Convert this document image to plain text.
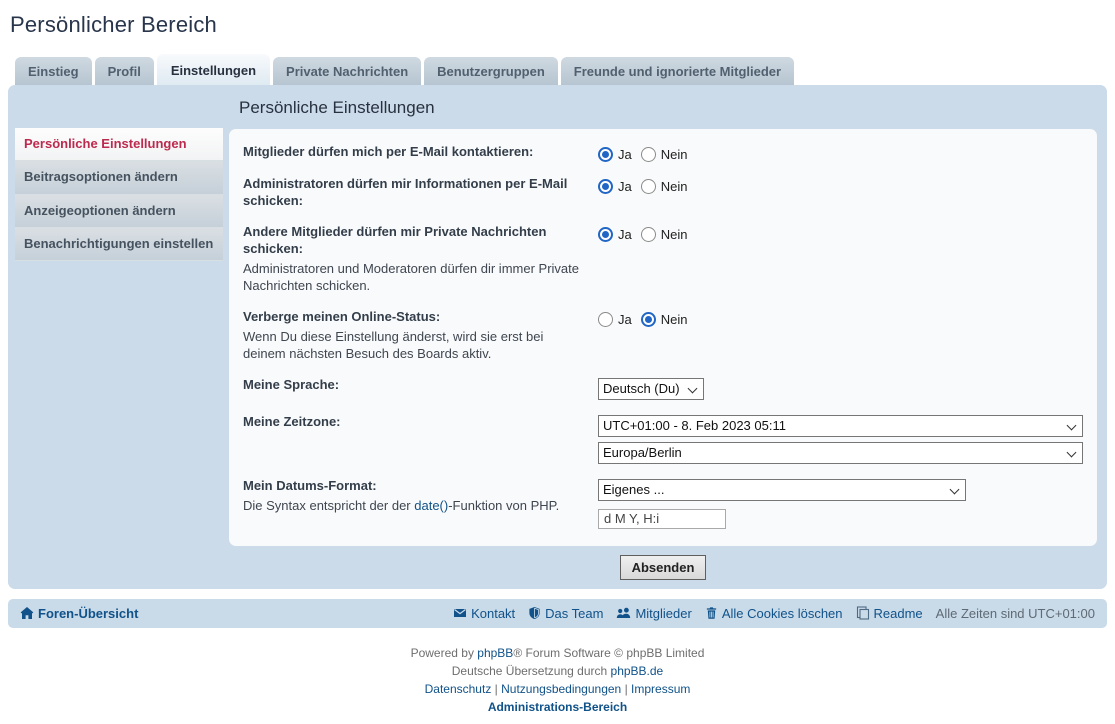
Persönlicher Bereich
Einstieg	Profil	Einstellungen	Private Nachrichten	Benutzergruppen	Freunde und ignorierte Mitglieder
Persönliche Einstellungen
Beitragsoptionen ändern
Anzeigeoptionen ändern
Benachrichtigungen einstellen
Persönliche Einstellungen
Mitglieder dürfen mich per E-Mail kontaktieren:	Ja Nein
Administratoren dürfen mir Informationen per E-Mail schicken:
Ja Nein
Andere Mitglieder dürfen mir Private Nachrichten schicken:
Administratoren und Moderatoren dürfen dir immer Private Nachrichten schicken.
Ja Nein
Verberge meinen Online-Status:
Wenn Du diese Einstellung änderst, wird sie erst bei deinem nächsten Besuch des Boards aktiv.
Ja Nein
Meine Sprache:	Deutsch (Du)
Meine Zeitzone:	UTC+01:00 - 8. Feb 2023 05:11
Europa/Berlin
Mein Datums-Format:
Die Syntax entspricht der der date()-Funktion von PHP.
Eigenes ...
d M Y, H:i
Absenden
Foren-Übersicht	Kontakt Das Team Mitglieder Alle Cookies löschen Readme Alle Zeiten sind UTC+01:00
Powered by phpBB® Forum Software © phpBB Limited
Deutsche Übersetzung durch phpBB.de
Datenschutz | Nutzungsbedingungen | Impressum
Administrations-Bereich
